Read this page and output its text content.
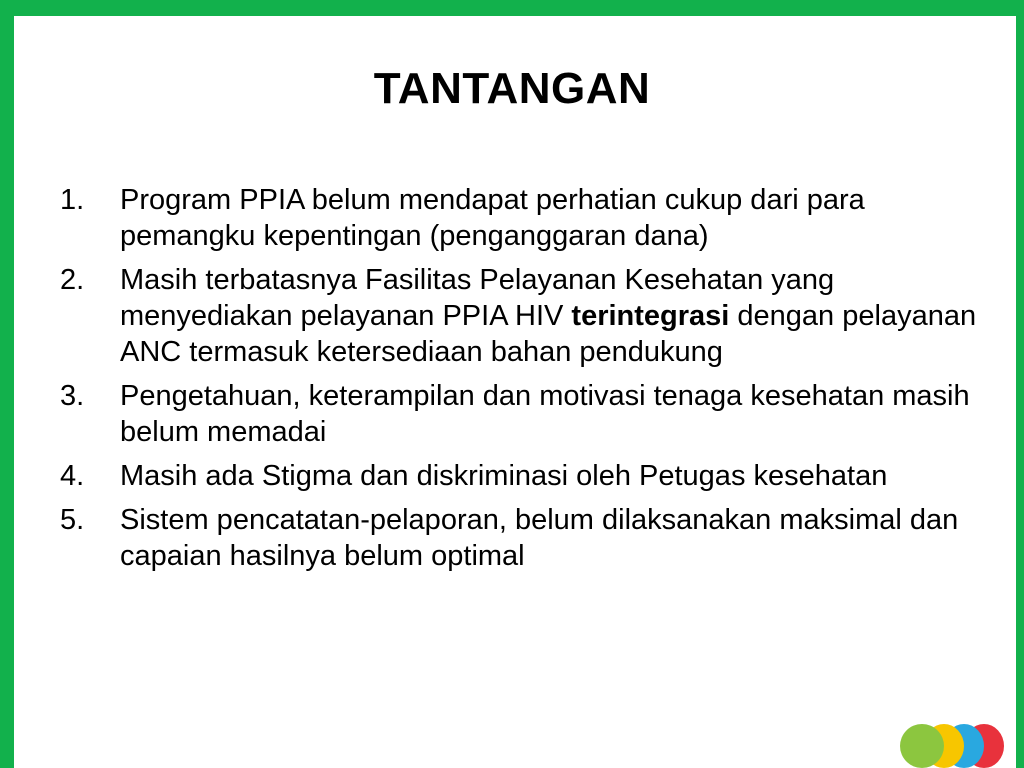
TANTANGAN
1. Program PPIA belum mendapat perhatian cukup dari para pemangku kepentingan (penganggaran dana)
2. Masih terbatasnya Fasilitas Pelayanan Kesehatan yang menyediakan pelayanan PPIA HIV terintegrasi dengan pelayanan ANC termasuk ketersediaan bahan pendukung
3. Pengetahuan, keterampilan dan motivasi tenaga kesehatan masih belum memadai
4. Masih ada Stigma dan diskriminasi oleh Petugas kesehatan
5. Sistem pencatatan-pelaporan, belum dilaksanakan maksimal dan capaian hasilnya belum optimal
